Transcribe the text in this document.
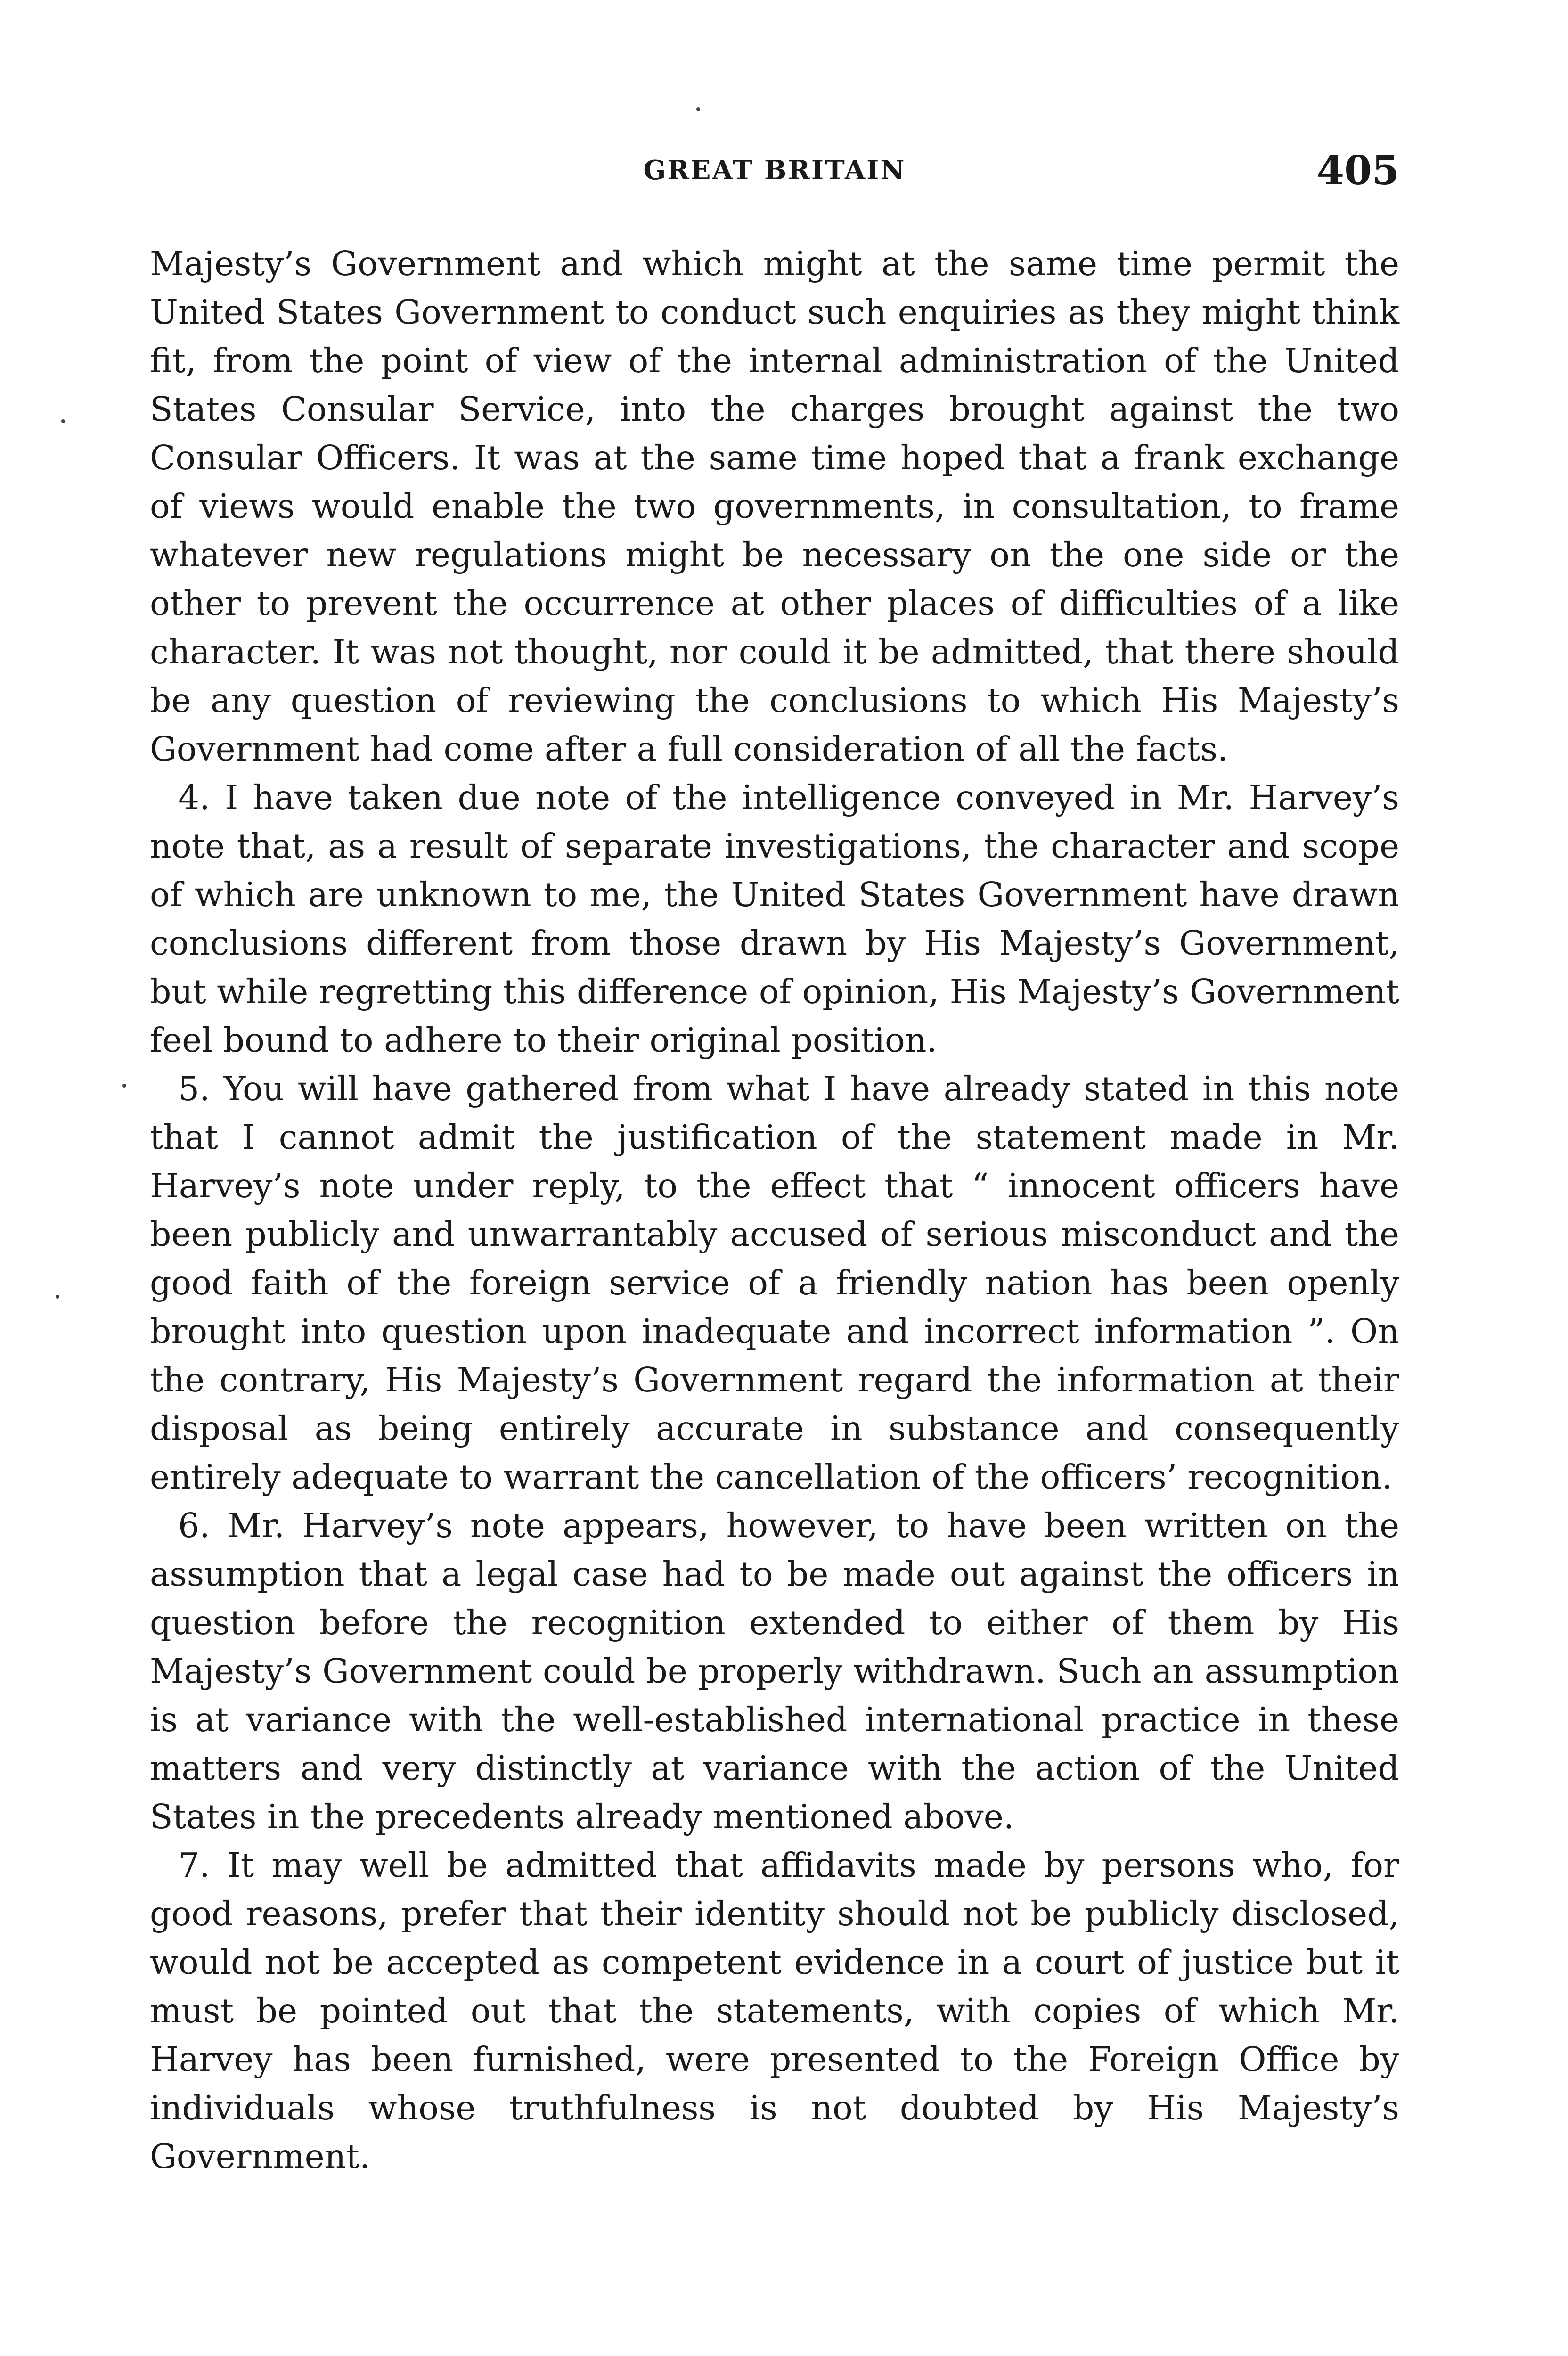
GREAT BRITAIN	405

Majesty’s Government and which might at the same time permit the United States Government to conduct such enquiries as they might think fit, from the point of view of the internal administration of the United States Consular Service, into the charges brought against the two Consular Officers. It was at the same time hoped that a frank exchange of views would enable the two governments, in consultation, to frame whatever new regulations might be necessary on the one side or the other to prevent the occurrence at other places of difficulties of a like character. It was not thought, nor could it be admitted, that there should be any question of reviewing the conclusions to which His Majesty’s Government had come after a full consideration of all the facts.

4. I have taken due note of the intelligence conveyed in Mr. Harvey’s note that, as a result of separate investigations, the character and scope of which are unknown to me, the United States Government have drawn conclusions different from those drawn by His Majesty’s Government, but while regretting this difference of opinion, His Majesty’s Government feel bound to adhere to their original position.

5. You will have gathered from what I have already stated in this note that I cannot admit the justification of the statement made in Mr. Harvey’s note under reply, to the effect that “ innocent officers have been publicly and unwarrantably accused of serious misconduct and the good faith of the foreign service of a friendly nation has been openly brought into question upon inadequate and incorrect information ”. On the contrary, His Majesty’s Government regard the information at their disposal as being entirely accurate in substance and consequently entirely adequate to warrant the cancellation of the officers’ recognition.

6. Mr. Harvey’s note appears, however, to have been written on the assumption that a legal case had to be made out against the officers in question before the recognition extended to either of them by His Majesty’s Government could be properly withdrawn. Such an assumption is at variance with the well-established international practice in these matters and very distinctly at variance with the action of the United States in the precedents already mentioned above.

7. It may well be admitted that affidavits made by persons who, for good reasons, prefer that their identity should not be publicly disclosed, would not be accepted as competent evidence in a court of justice but it must be pointed out that the statements, with copies of which Mr. Harvey has been furnished, were presented to the Foreign Office by individuals whose truthfulness is not doubted by His Majesty’s Government.
